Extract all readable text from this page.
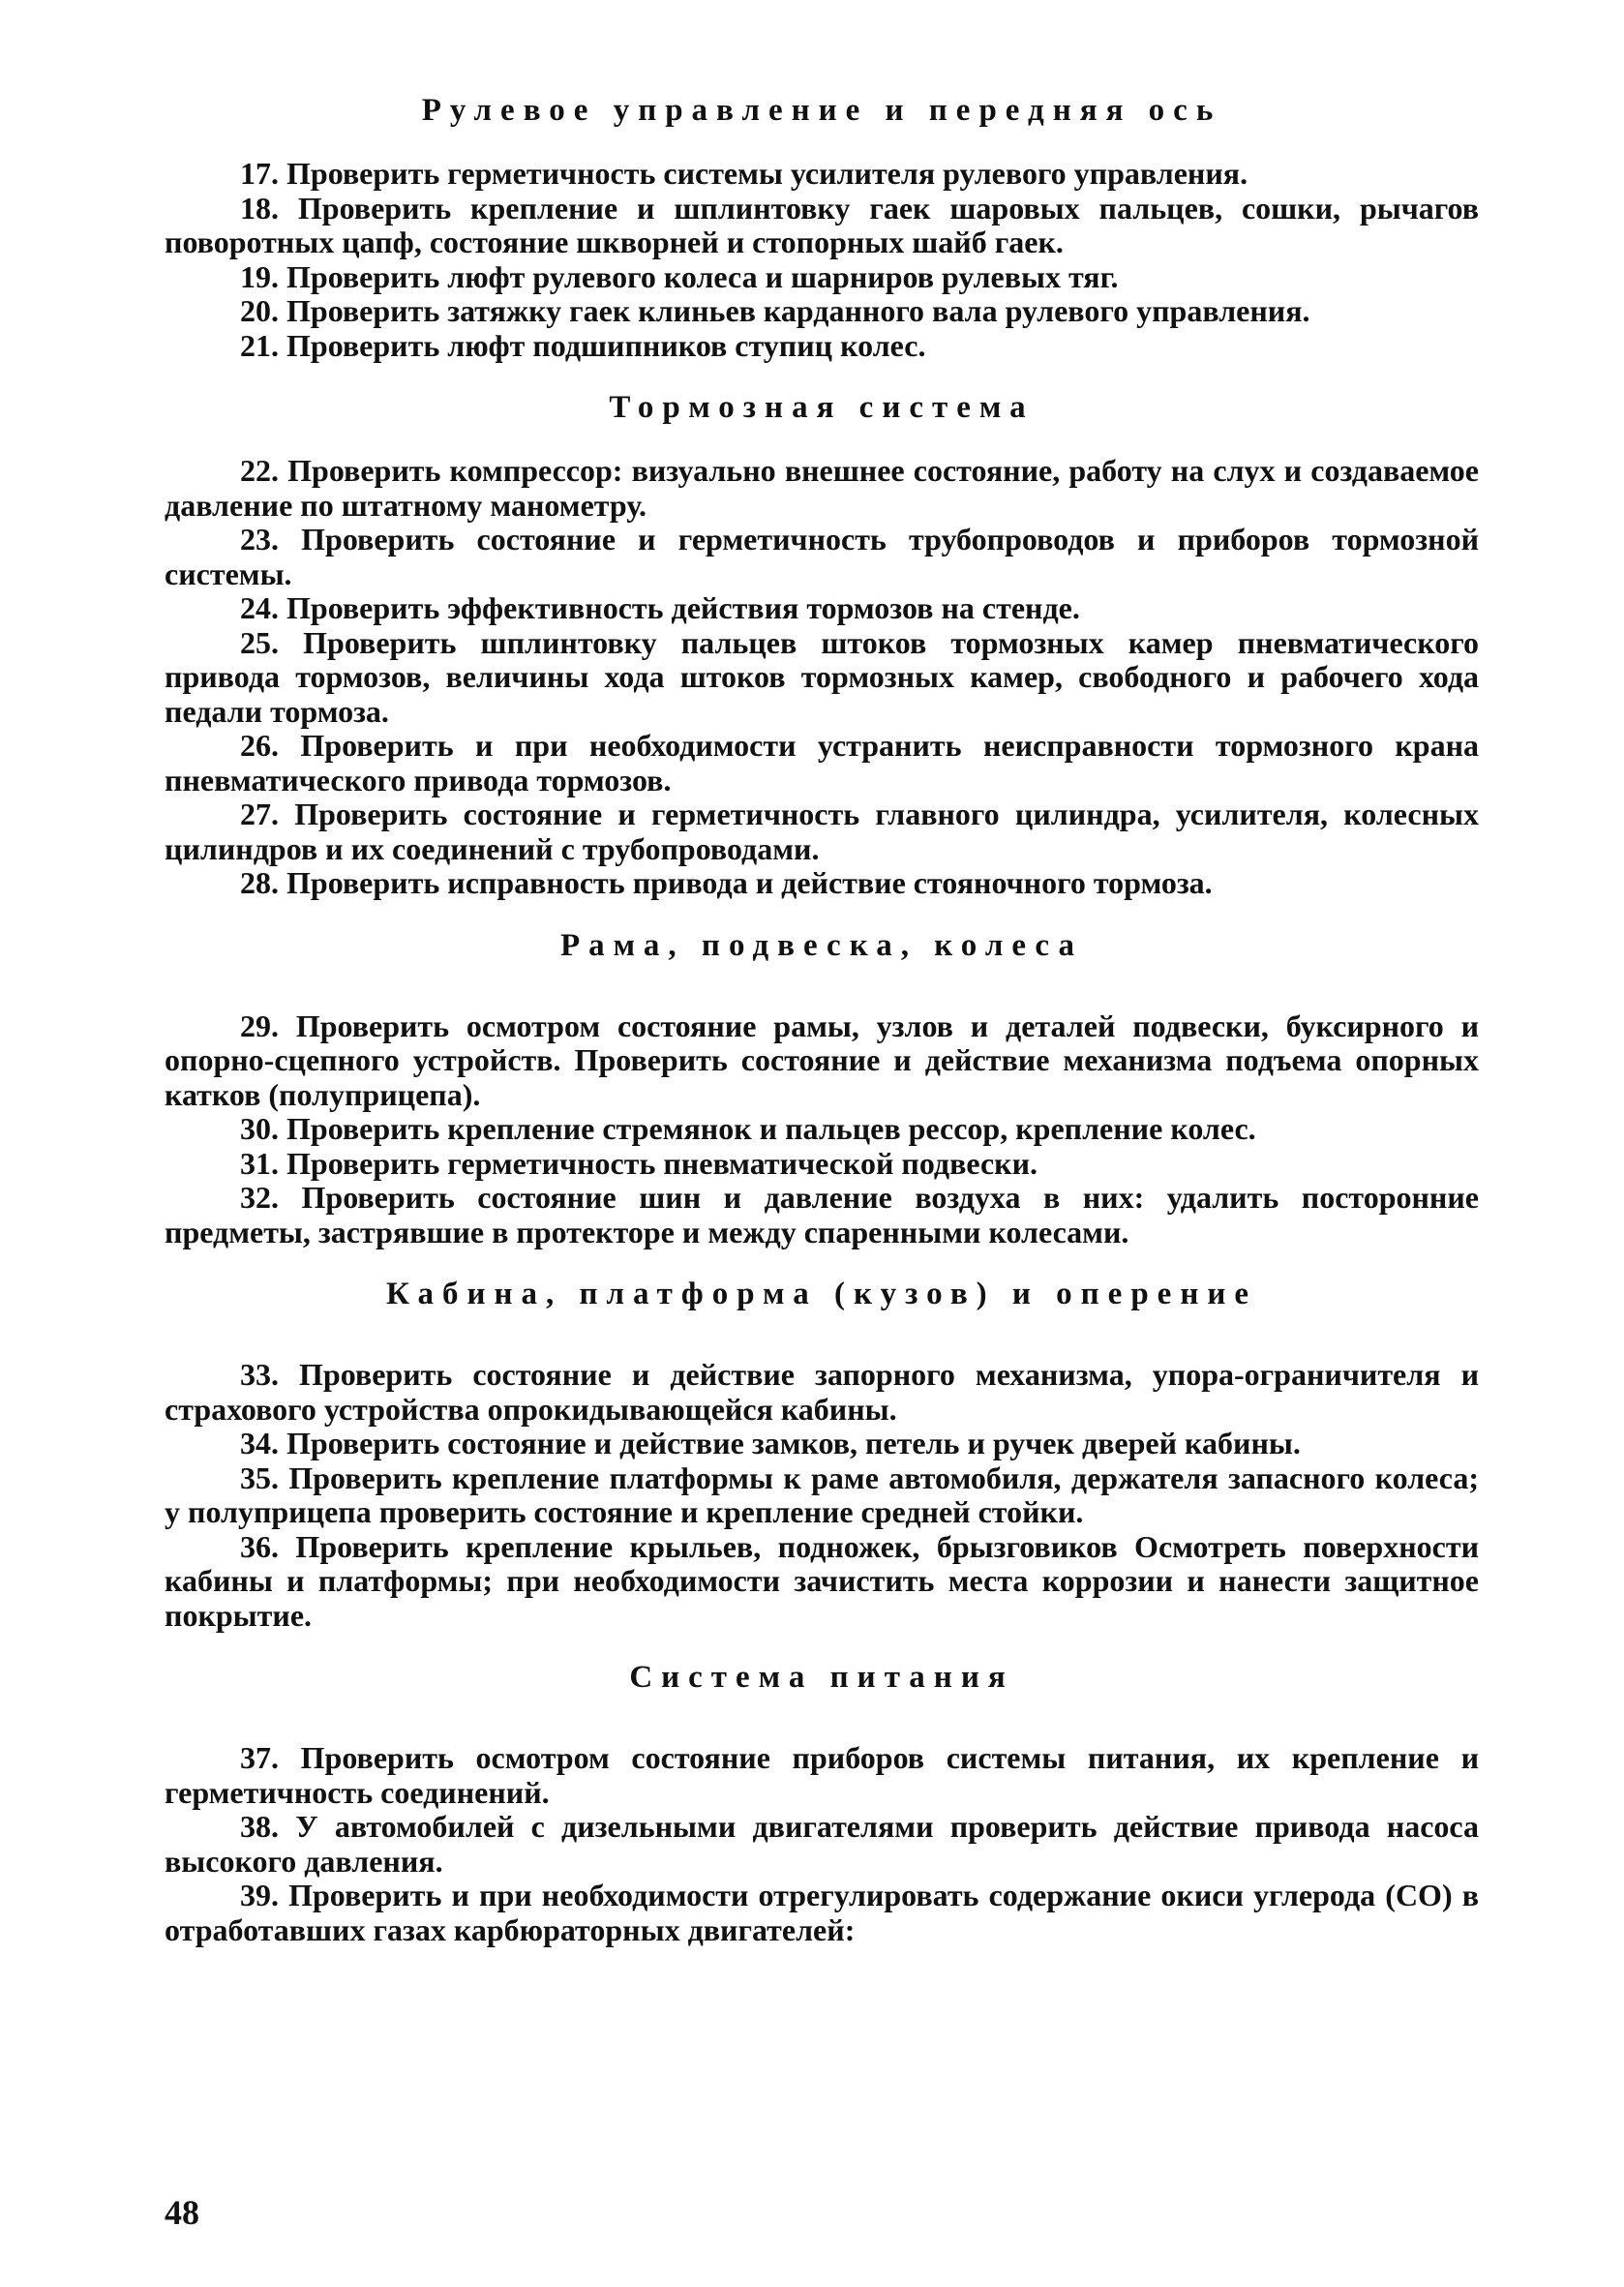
Рулевое управление и передняя ось

17. Проверить герметичность системы усилителя рулевого управления.

18. Проверить крепление и шплинтовку гаек шаровых пальцев, сошки, рычагов поворотных цапф, состояние шкворней и стопорных шайб гаек.

19. Проверить люфт рулевого колеса и шарниров рулевых тяг.

20. Проверить затяжку гаек клиньев карданного вала рулевого управления.

21. Проверить люфт подшипников ступиц колес.

Тормозная система

22. Проверить компрессор: визуально внешнее состояние, работу на слух и создаваемое давление по штатному манометру.

23. Проверить состояние и герметичность трубопроводов и приборов тормозной системы.

24. Проверить эффективность действия тормозов на стенде.

25. Проверить шплинтовку пальцев штоков тормозных камер пневматического привода тормозов, величины хода штоков тормозных камер, свободного и рабочего хода педали тормоза.

26. Проверить и при необходимости устранить неисправности тормозного крана пневматического привода тормозов.

27. Проверить состояние и герметичность главного цилиндра, усилителя, колесных цилиндров и их соединений с трубопроводами.

28. Проверить исправность привода и действие стояночного тормоза.

Рама, подвеска, колеса

29. Проверить осмотром состояние рамы, узлов и деталей подвески, буксирного и опорно-сцепного устройств. Проверить состояние и действие механизма подъема опорных катков (полуприцепа).

30. Проверить крепление стремянок и пальцев рессор, крепление колес.

31. Проверить герметичность пневматической подвески.

32. Проверить состояние шин и давление воздуха в них: удалить посторонние предметы, застрявшие в протекторе и между спаренными колесами.

Кабина, платформа (кузов) и оперение

33. Проверить состояние и действие запорного механизма, упора-ограничителя и страхового устройства опрокидывающейся кабины.

34. Проверить состояние и действие замков, петель и ручек дверей кабины.

35. Проверить крепление платформы к раме автомобиля, держателя запасного колеса; у полуприцепа проверить состояние и крепление средней стойки.

36. Проверить крепление крыльев, подножек, брызговиков Осмотреть поверхности кабины и платформы; при необходимости зачистить места коррозии и нанести защитное покрытие.

Система питания

37. Проверить осмотром состояние приборов системы питания, их крепление и герметичность соединений.

38. У автомобилей с дизельными двигателями проверить действие привода насоса высокого давления.

39. Проверить и при необходимости отрегулировать содержание окиси углерода (СО) в отработавших газах карбюраторных двигателей:

48
